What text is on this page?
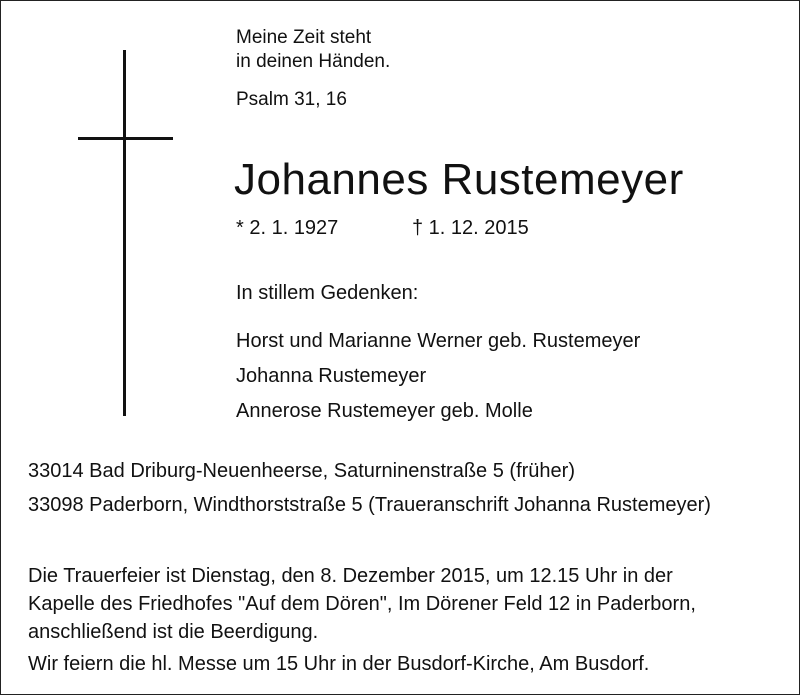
Meine Zeit steht
in deinen Händen.
Psalm 31, 16
Johannes Rustemeyer
* 2. 1. 1927	† 1. 12. 2015
In stillem Gedenken:
Horst und Marianne Werner geb. Rustemeyer
Johanna Rustemeyer
Annerose Rustemeyer geb. Molle
33014 Bad Driburg-Neuenheerse, Saturninenstraße 5 (früher)
33098 Paderborn, Windthorststraße 5 (Traueranschrift Johanna Rustemeyer)
Die Trauerfeier ist Dienstag, den 8. Dezember 2015, um 12.15 Uhr in der
Kapelle des Friedhofes "Auf dem Dören", Im Dörener Feld 12 in Paderborn,
anschließend ist die Beerdigung.
Wir feiern die hl. Messe um 15 Uhr in der Busdorf-Kirche, Am Busdorf.
